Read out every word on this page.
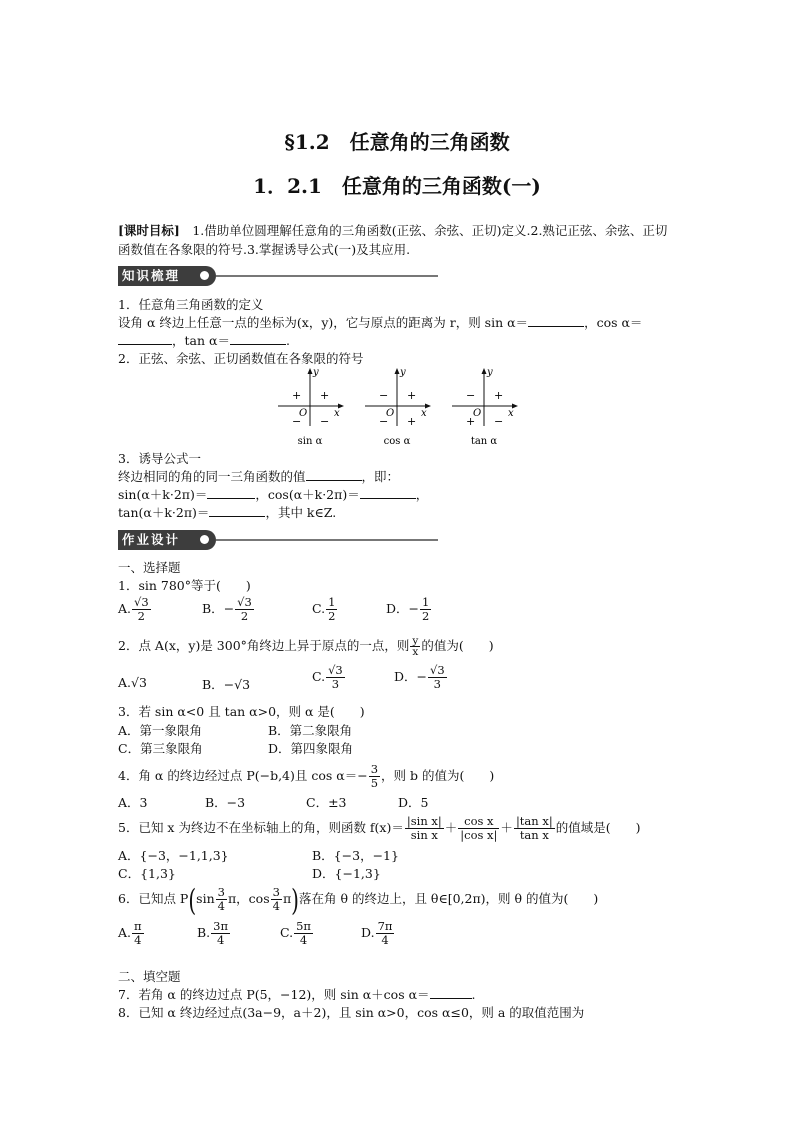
§1.2　任意角的三角函数
1．2.1　任意角的三角函数(一)
[课时目标]　1.借助单位圆理解任意角的三角函数(正弦、余弦、正切)定义.2.熟记正弦、余弦、正切函数值在各象限的符号.3.掌握诱导公式(一)及其应用.
知识梳理
1．任意角三角函数的定义
设角 α 终边上任意一点的坐标为(x，y)，它与原点的距离为 r，则 sin α＝	，cos α＝
，tan α＝	.
2．正弦、余弦、正切函数值在各象限的符号
x
y
O
+ +
− −
sin α
x
y
O
− +
− +
cos α
x
y
O
− +
+ −
tan α
3．诱导公式一
终边相同的角的同一三角函数的值	，即：
sin(α＋k·2π)＝	，cos(α＋k·2π)＝	，
tan(α＋k·2π)＝	，其中 k∈Z.
作业设计
一、选择题
1．sin 780°等于(　　)
A. $\frac{√3}{2}$	B．− $\frac{√3}{2}$	C. $\frac{1}{2}$	D．− $\frac{1}{2}$
2．点 A(x，y)是 300°角终边上异于原点的一点，则 $\frac{y}{x}$ 的值为(　　)
A.√3	B．−√3
C. $\frac{√3}{3}$	D．− $\frac{√3}{3}$
3．若 sin α<0 且 tan α>0，则 α 是(　　)
A．第一象限角	B．第二象限角
C．第三象限角	D．第四象限角
4．角 α 的终边经过点 P(−b,4)且 $\cos \alpha=- \frac{3}{5}$ ，则 b 的值为(　　)
A．3	B．−3	C．±3	D．5
5．已知 x 为终边不在坐标轴上的角，则函数 $f(x)= \frac{\text{|sin x|}}{\text{sin x}} + \frac{\text{cos x}}{\text{|cos x|}} + \frac{\text{|tan x|}}{\text{tan x}}$ 的值域是(　　)
A．{−3，−1,1,3}	B．{−3，−1}
C．{1,3}	D．{−1,3}
6．已知点 $P(\sin \frac{3}{4}$ π，$\cos \frac{3}{4} \pi$)落在角 θ 的终边上，且 θ∈[0,2π)，则 θ 的值为(　　)
A. $\frac{\pi}{4}$	B. $\frac{3\pi}{4}$	C. $\frac{5\pi}{4}$	D. $\frac{7\pi}{4}$
二、填空题
7．若角 α 的终边过点 P(5，−12)，则 sin α＋cos α＝	.
8．已知 α 终边经过点(3a−9，a＋2)，且 sin α>0，cos α≤0，则 a 的取值范围为
